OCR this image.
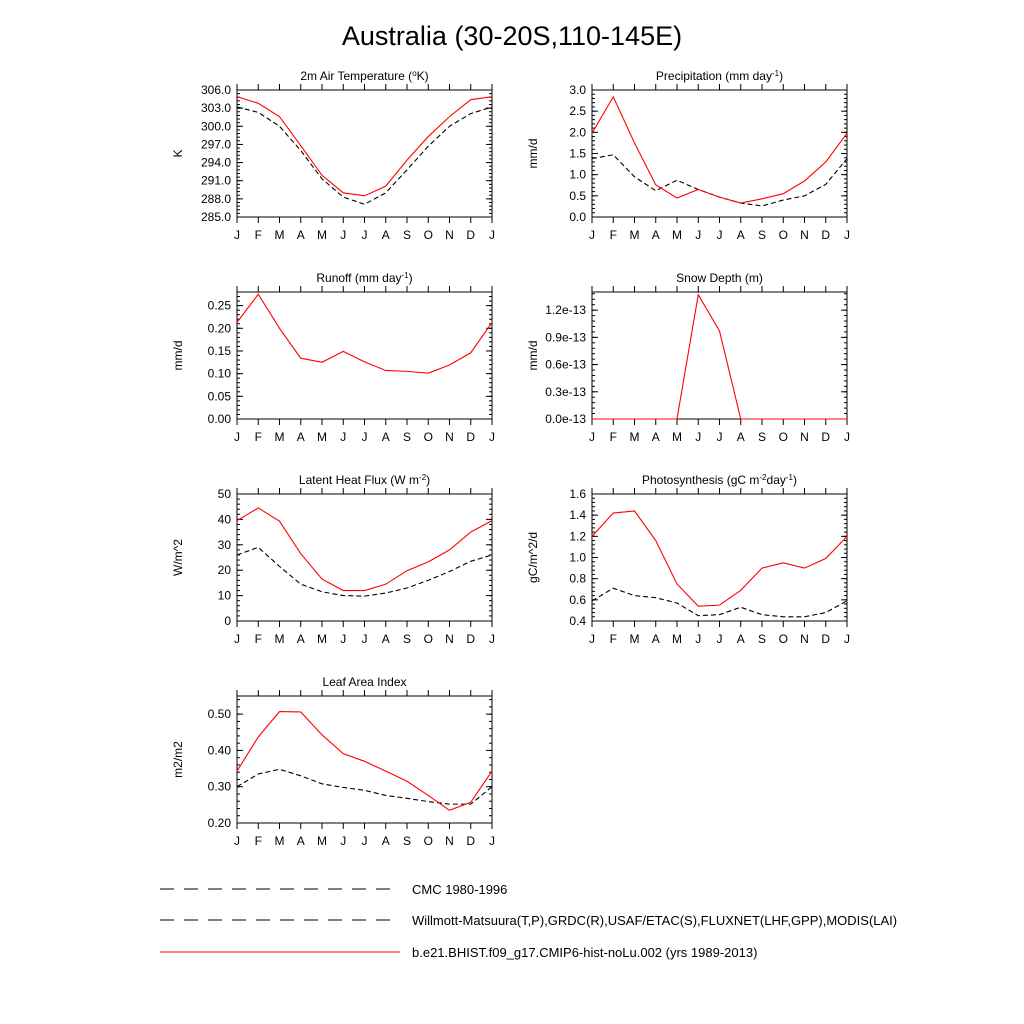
Australia (30-20S,110-145E)
2m Air Temperature ($^o$K)
K
285.0
288.0
291.0
294.0
297.0
300.0
303.0
306.0
J F M A M J J A S O N D J
Precipitation (mm day$^{-1}$)
mm/d
0.0
0.5
1.0
1.5
2.0
2.5
3.0
J F M A M J J A S O N D J
Runoff (mm day$^{-1}$)
mm/d
0.00
0.05
0.10
0.15
0.20
0.25
J F M A M J J A S O N D J
Snow Depth (m)
mm/d
0.0e-13
0.3e-13
0.6e-13
0.9e-13
1.2e-13
J F M A M J J A S O N D J
Latent Heat Flux (W $m^{-2}$)
W/m^2
0
10
20
30
40
50
J F M A M J J A S O N D J
Photosynthesis (gC $m^{-2}day^{-1}$)
gC/m^2/d
0.4
0.6
0.8
1.0
1.2
1.4
1.6
J F M A M J J A S O N D J
Leaf Area Index
m2/m2
0.20
0.30
0.40
0.50
J F M A M J J A S O N D J
CMC 1980-1996
Willmott-Matsuura(T,P),GRDC(R),USAF/ETAC(S),FLUXNET(LHF,GPP),MODIS(LAI)
b.e21.BHIST.f09_g17.CMIP6-hist-noLu.002 (yrs 1989-2013)
